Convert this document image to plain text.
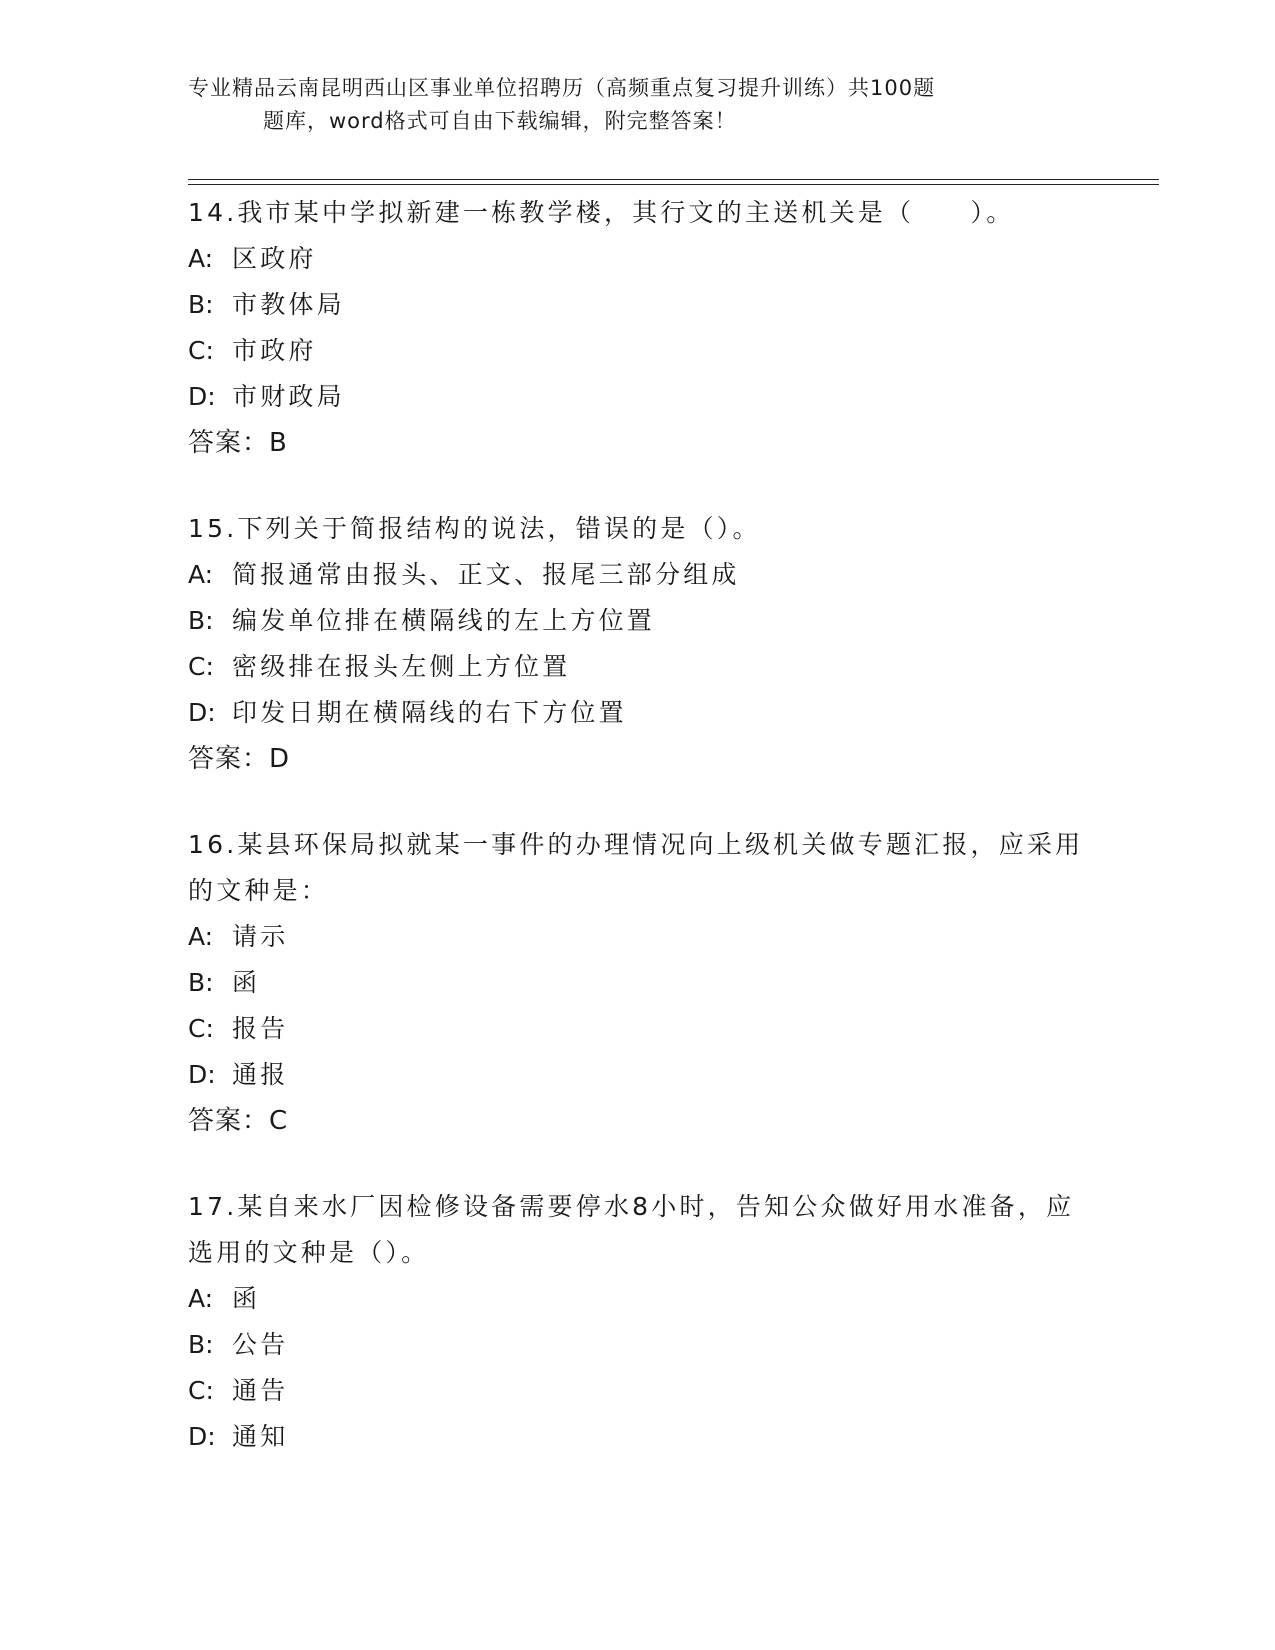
专业精品云南昆明西山区事业单位招聘历（高频重点复习提升训练）共100题
题库，word格式可自由下载编辑，附完整答案！
14.我市某中学拟新建一栋教学楼，其行文的主送机关是（　　）。
A: 区政府
B: 市教体局
C: 市政府
D: 市财政局
答案：B
15.下列关于简报结构的说法，错误的是（）。
A: 简报通常由报头、正文、报尾三部分组成
B: 编发单位排在横隔线的左上方位置
C: 密级排在报头左侧上方位置
D: 印发日期在横隔线的右下方位置
答案：D
16.某县环保局拟就某一事件的办理情况向上级机关做专题汇报，应采用的文种是：
A: 请示
B: 函
C: 报告
D: 通报
答案：C
17.某自来水厂因检修设备需要停水8小时，告知公众做好用水准备，应选用的文种是（）。
A: 函
B: 公告
C: 通告
D: 通知
